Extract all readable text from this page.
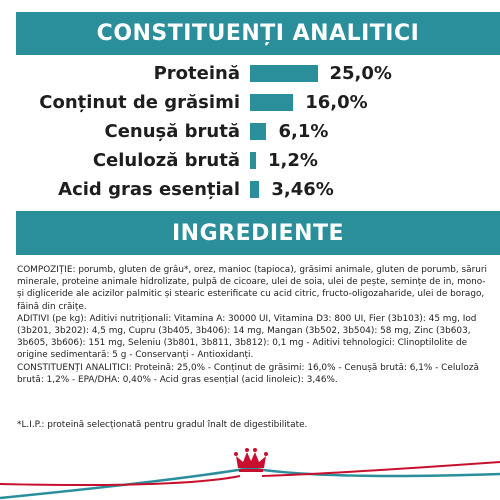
CONSTITUENȚI ANALITICI
Proteină	25,0%
Conținut de grăsimi	16,0%
Cenușă brută 6,1%
Celuloză brută 1,2%
Acid gras esențial 3,46%
INGREDIENTE

COMPOZIȚIE: porumb, gluten de grâu*, orez, manioc (tapioca), grăsimi animale, gluten de porumb, săruri minerale, proteine animale hidrolizate, pulpă de cicoare, ulei de soia, ulei de pește, semințe de in, mono- și digliceride ale acizilor palmitic și stearic esterificate cu acid citric, fructo-oligozaharide, ulei de borago, făină din crăițe.

ADITIVI (pe kg): Aditivi nutriționali: Vitamina A: 30000 UI, Vitamina D3: 800 UI, Fier (3b103): 45 mg, Iod (3b201, 3b202): 4,5 mg, Cupru (3b405, 3b406): 14 mg, Mangan (3b502, 3b504): 58 mg, Zinc (3b603, 3b605, 3b606): 151 mg, Seleniu (3b801, 3b811, 3b812): 0,1 mg - Aditivi tehnologici: Clinoptilolite de origine sedimentară: 5 g - Conservanți - Antioxidanți.

CONSTITUENȚI ANALITICI: Proteină: 25,0% - Conținut de grăsimi: 16,0% - Cenușă brută: 6,1% - Celuloză brută: 1,2% - EPA/DHA: 0,40% - Acid gras esențial (acid linoleic): 3,46%.

*L.I.P.: proteină selecționată pentru gradul înalt de digestibilitate.
